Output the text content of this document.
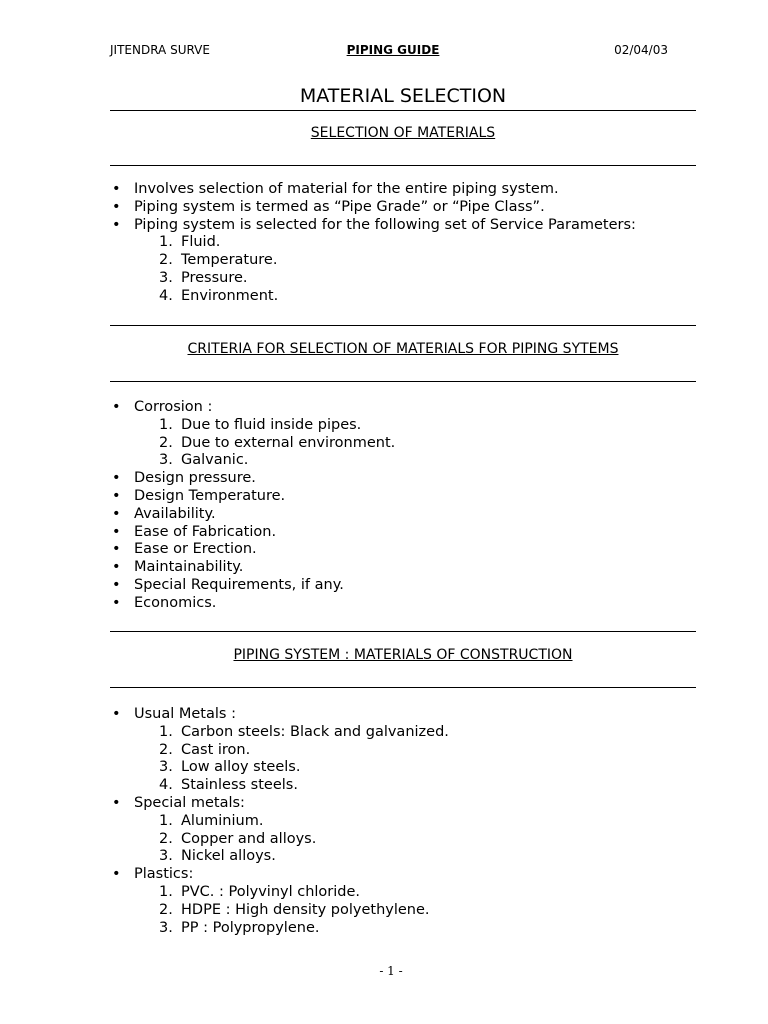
JITENDRA SURVE	PIPING GUIDE	02/04/03
MATERIAL SELECTION
SELECTION OF MATERIALS
• Involves selection of material for the entire piping system.
• Piping system is termed as “Pipe Grade” or “Pipe Class”.
• Piping system is selected for the following set of Service Parameters:
1. Fluid.
2. Temperature.
3. Pressure.
4. Environment.
CRITERIA FOR SELECTION OF MATERIALS FOR PIPING SYTEMS
• Corrosion :
1. Due to fluid inside pipes.
2. Due to external environment.
3. Galvanic.
• Design pressure.
• Design Temperature.
• Availability.
• Ease of Fabrication.
• Ease or Erection.
• Maintainability.
• Special Requirements, if any.
• Economics.
PIPING SYSTEM : MATERIALS OF CONSTRUCTION
• Usual Metals :
1. Carbon steels: Black and galvanized.
2. Cast iron.
3. Low alloy steels.
4. Stainless steels.
• Special metals:
1. Aluminium.
2. Copper and alloys.
3. Nickel alloys.
• Plastics:
1. PVC. : Polyvinyl chloride.
2. HDPE : High density polyethylene.
3. PP : Polypropylene.
- 1 -
